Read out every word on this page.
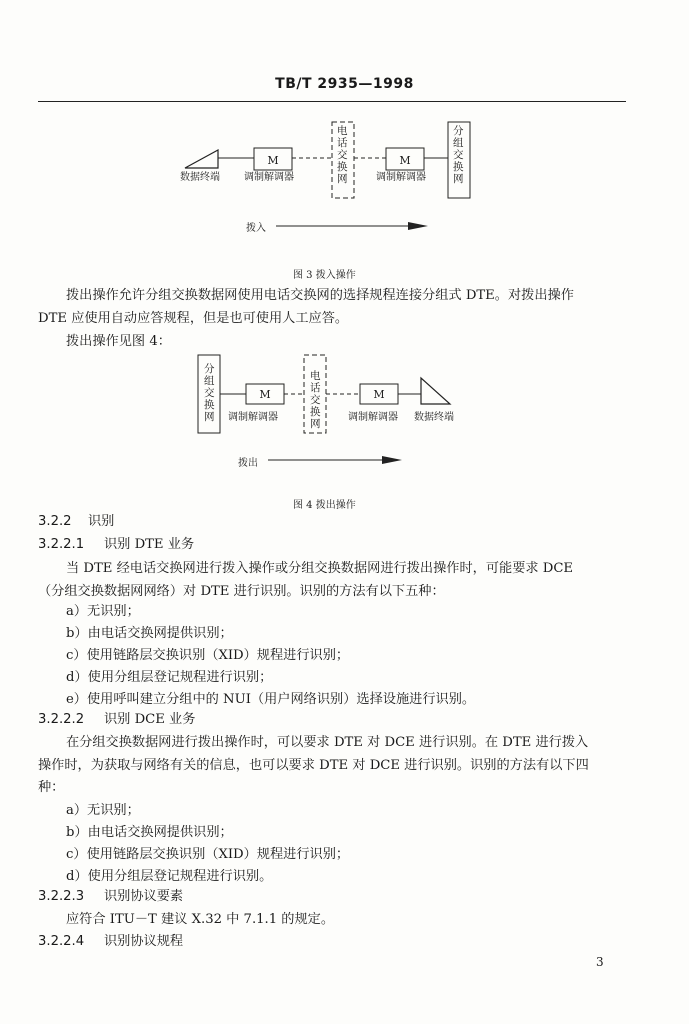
TB/T 2935—1998
M	M
数据终端 调制解调器	调制解调器
电话交换网
分组交换网
拨入
图 3 拨入操作
拨出操作允许分组交换数据网使用电话交换网的选择规程连接分组式 DTE。对拨出操作
DTE 应使用自动应答规程，但是也可使用人工应答。
拨出操作见图 4：
M	M
分组交换网 调制解调器
电话交换网
调制解调器 数据终端
拨出
图 4 拨出操作
3.2.2 识别
3.2.2.1 识别 DTE 业务
当 DTE 经电话交换网进行拨入操作或分组交换数据网进行拨出操作时，可能要求 DCE
（分组交换数据网网络）对 DTE 进行识别。识别的方法有以下五种：
a）无识别；
b）由电话交换网提供识别；
c）使用链路层交换识别（XID）规程进行识别；
d）使用分组层登记规程进行识别；
e）使用呼叫建立分组中的 NUI（用户网络识别）选择设施进行识别。
3.2.2.2 识别 DCE 业务
在分组交换数据网进行拨出操作时，可以要求 DTE 对 DCE 进行识别。在 DTE 进行拨入
操作时，为获取与网络有关的信息，也可以要求 DTE 对 DCE 进行识别。识别的方法有以下四
种：
a）无识别；
b）由电话交换网提供识别；
c）使用链路层交换识别（XID）规程进行识别；
d）使用分组层登记规程进行识别。
3.2.2.3 识别协议要素
应符合 ITU－T 建议 X.32 中 7.1.1 的规定。
3.2.2.4 识别协议规程
3
